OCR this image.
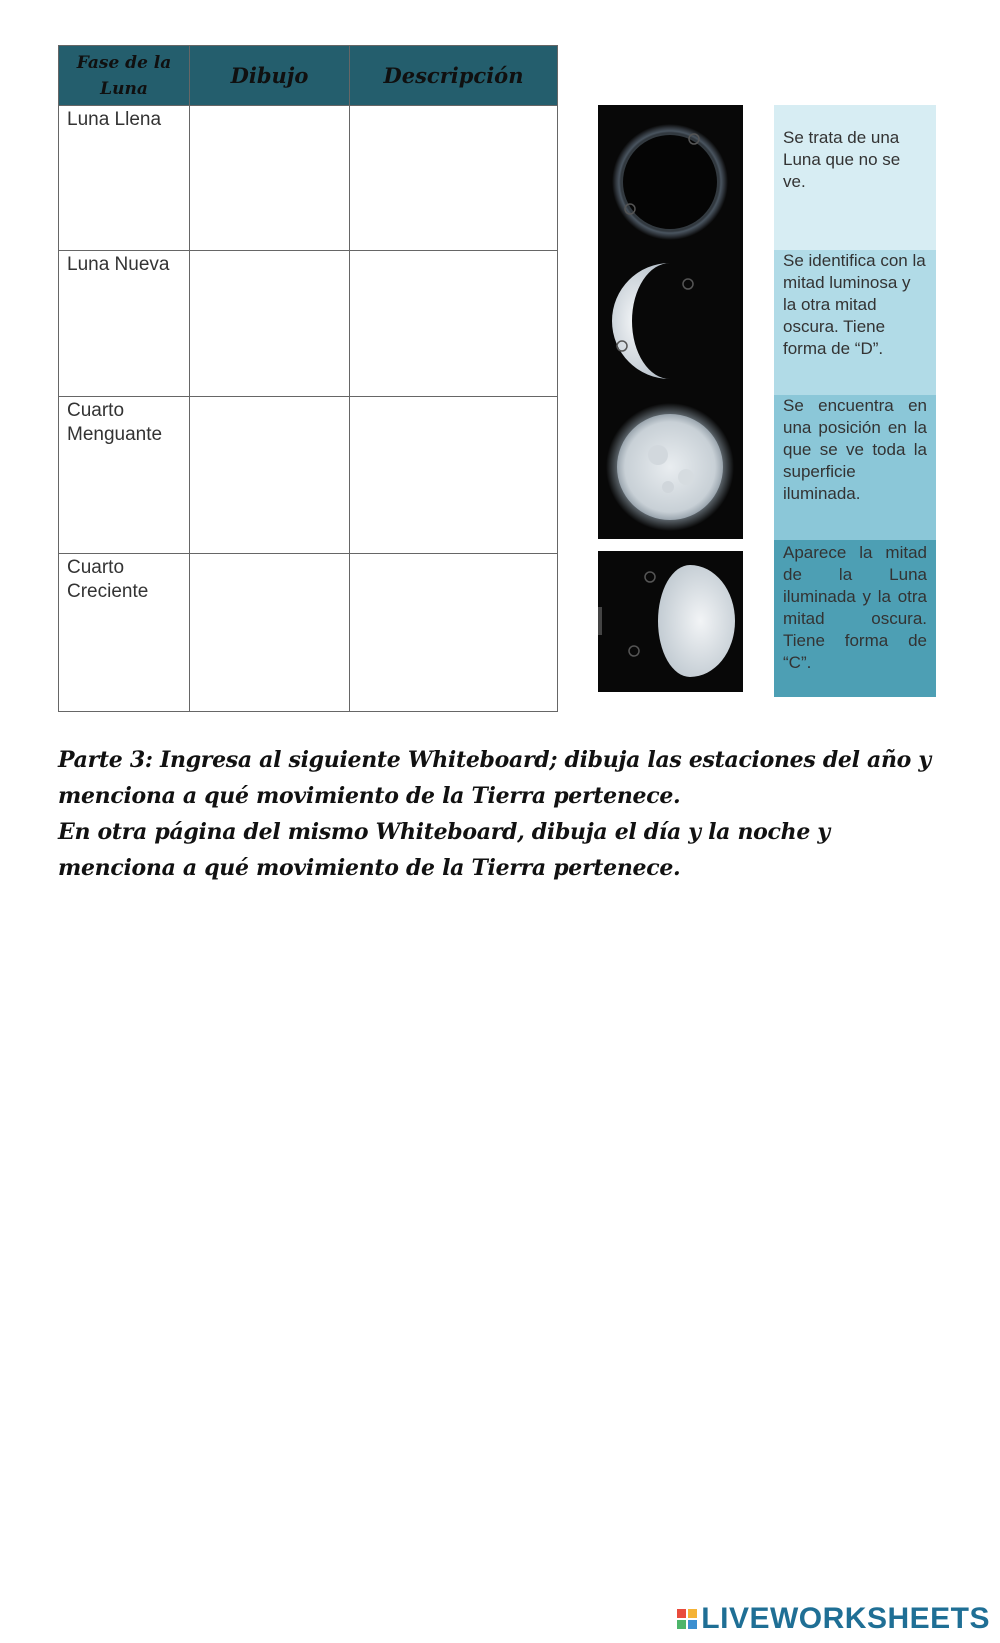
Fase de la Luna	Dibujo	Descripción
Luna Llena		
Luna Nueva		
Cuarto Menguante		
Cuarto Creciente		
Se trata de una Luna que no se ve.
Se identifica con la mitad luminosa y la otra mitad oscura. Tiene forma de “D”.
Se encuentra en una posición en la que se ve toda la superficie iluminada.
Aparece la mitad de la Luna iluminada y la otra mitad oscura. Tiene forma de “C”.

Parte 3: Ingresa al siguiente Whiteboard; dibuja las estaciones del año y menciona a qué movimiento de la Tierra pertenece.

En otra página del mismo Whiteboard, dibuja el día y la noche y menciona a qué movimiento de la Tierra pertenece.

LIVEWORKSHEETS
